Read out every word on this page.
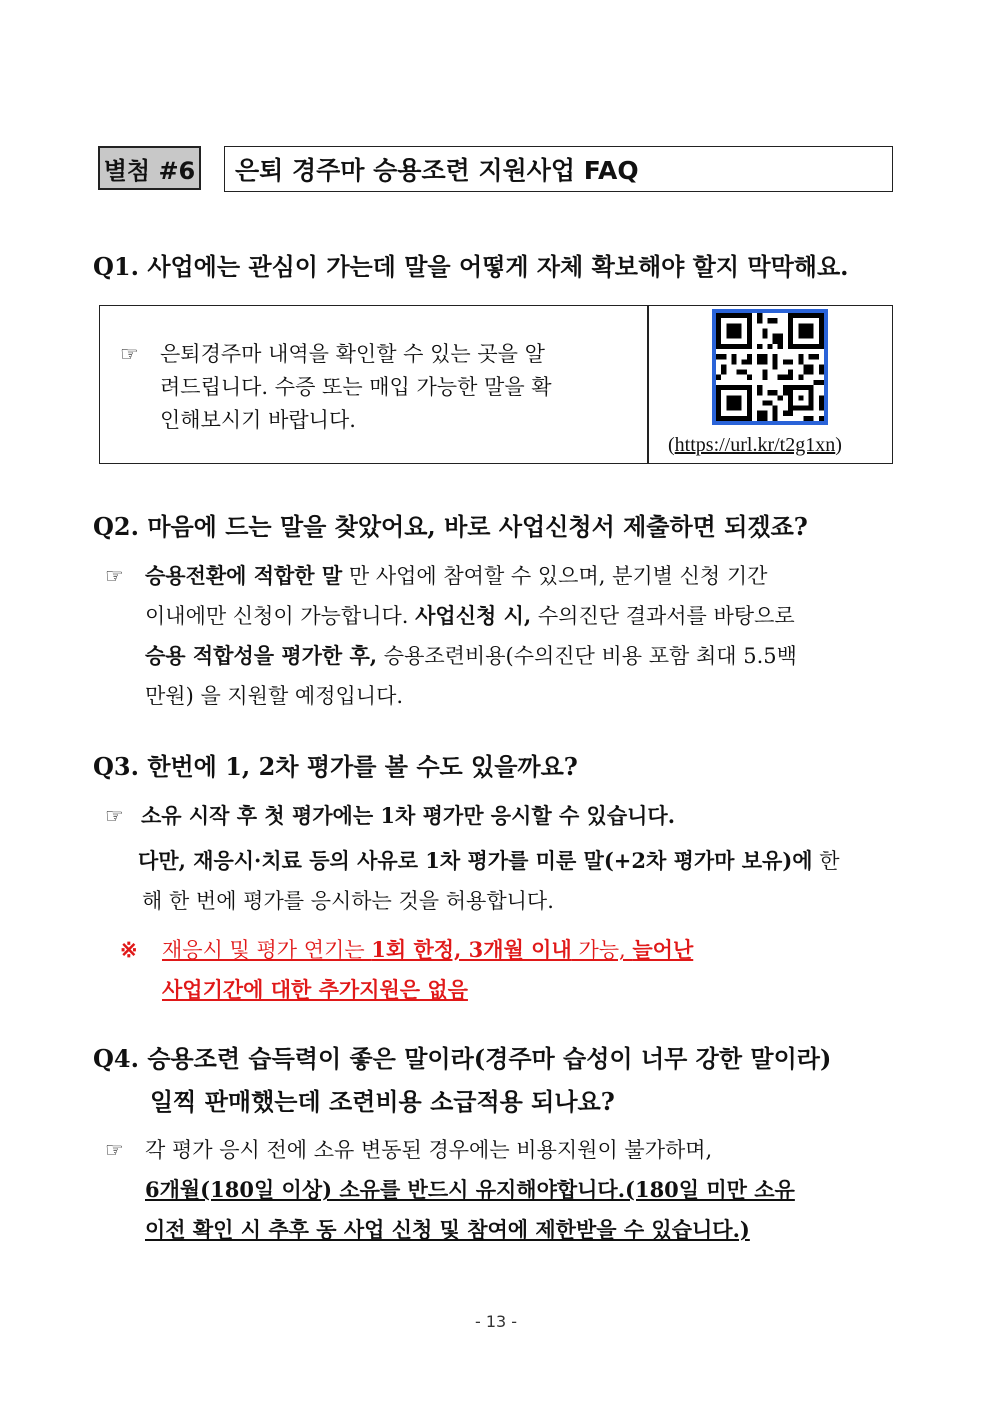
별첨 #6	은퇴 경주마 승용조련 지원사업 FAQ
Q1. 사업에는 관심이 가는데 말을 어떻게 자체 확보해야 할지 막막해요.
☞ 은퇴경주마 내역을 확인할 수 있는 곳을 알
려드립니다. 수증 또는 매입 가능한 말을 확
인해보시기 바랍니다.
(https://url.kr/t2g1xn)
Q2. 마음에 드는 말을 찾았어요, 바로 사업신청서 제출하면 되겠죠?
☞	승용전환에 적합한 말 만 사업에 참여할 수 있으며, 분기별 신청 기간
이내에만 신청이 가능합니다. 사업신청 시, 수의진단 결과서를 바탕으로
승용 적합성을 평가한 후, 승용조련비용(수의진단 비용 포함 최대 5.5백
만원) 을 지원할 예정입니다.
Q3. 한번에 1, 2차 평가를 볼 수도 있을까요?
☞ 소유 시작 후 첫 평가에는 1차 평가만 응시할 수 있습니다.
다만, 재응시·치료 등의 사유로 1차 평가를 미룬 말(+2차 평가마 보유)에 한
해 한 번에 평가를 응시하는 것을 허용합니다.
※	재응시 및 평가 연기는 1회 한정, 3개월 이내 가능, 늘어난
사업기간에 대한 추가지원은 없음
Q4. 승용조련 습득력이 좋은 말이라(경주마 습성이 너무 강한 말이라)
일찍 판매했는데 조련비용 소급적용 되나요?
☞	각 평가 응시 전에 소유 변동된 경우에는 비용지원이 불가하며,
6개월(180일 이상) 소유를 반드시 유지해야합니다.(180일 미만 소유
이전 확인 시 추후 동 사업 신청 및 참여에 제한받을 수 있습니다.)
- 13 -
